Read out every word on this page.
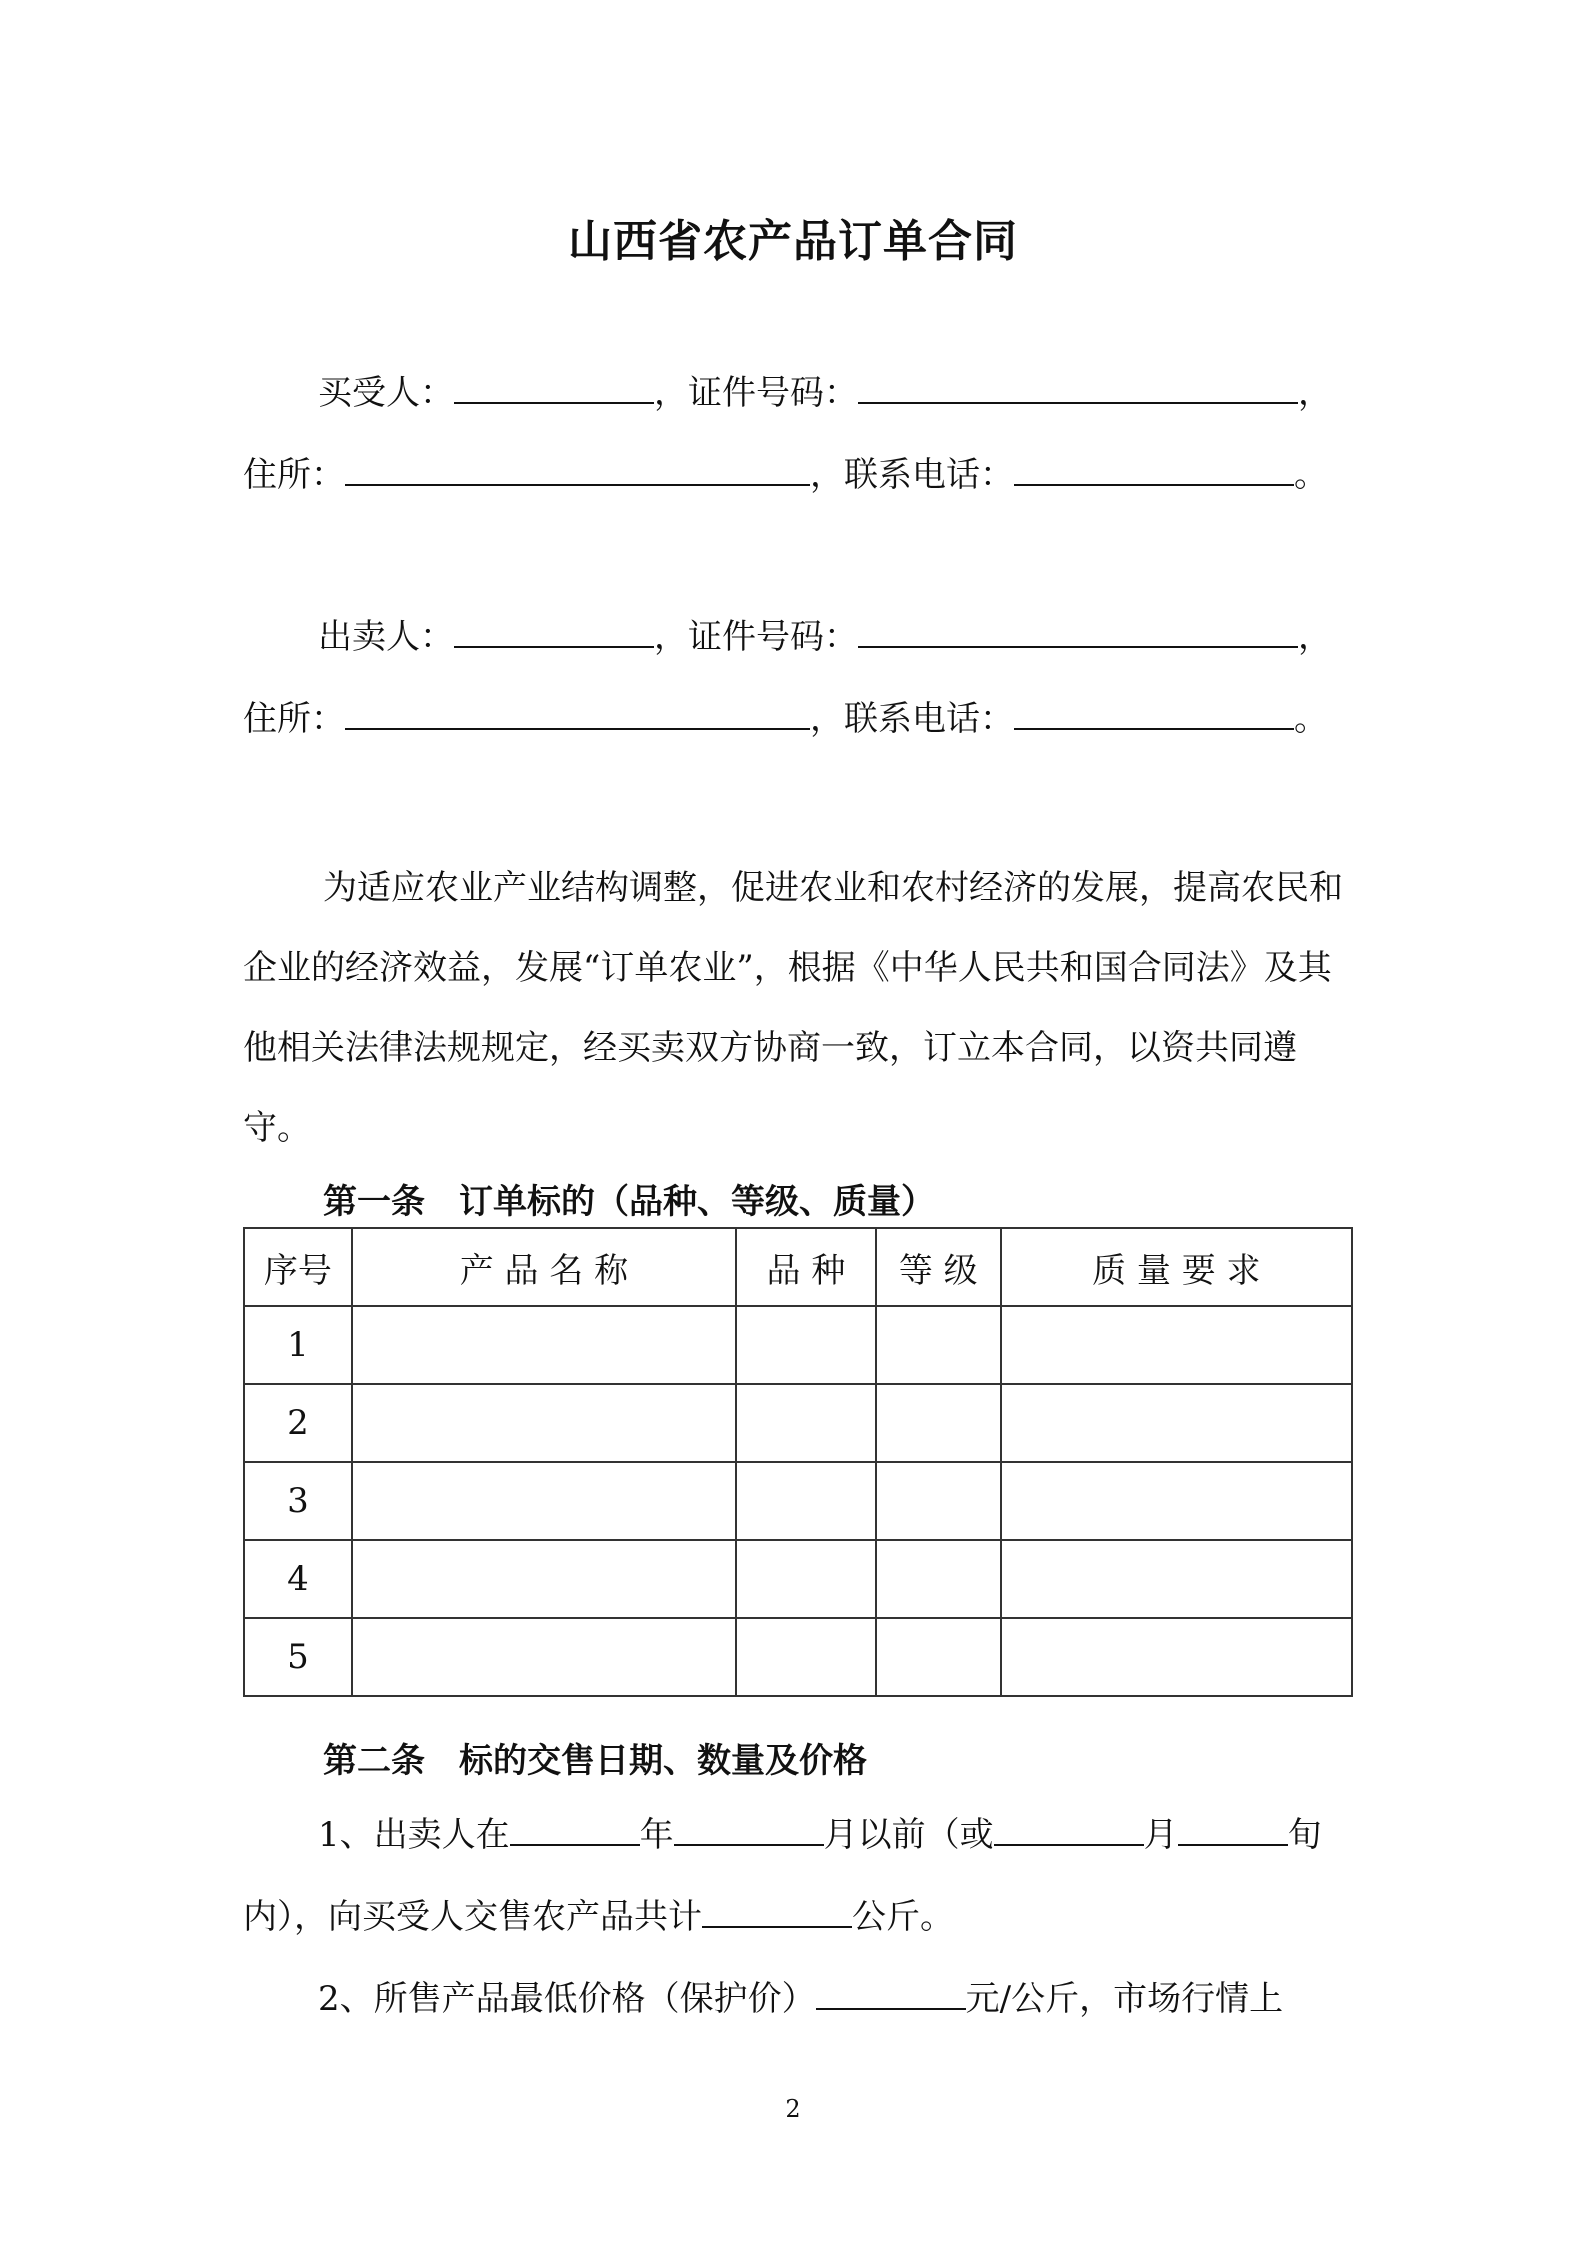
山西省农产品订单合同
买受人：	，证件号码：	，
住所：	，联系电话：	。
出卖人：	，证件号码：	，
住所：	，联系电话：	。
为适应农业产业结构调整，促进农业和农村经济的发展，提高农民和企业的经济效益，发展“订单农业”，根据《中华人民共和国合同法》及其他相关法律法规规定，经买卖双方协商一致，订立本合同，以资共同遵守。
第一条　订单标的（品种、等级、质量）
序号	产 品 名 称	品 种	等 级	质 量 要 求
1				
2				
3				
4				
5				
第二条　标的交售日期、数量及价格
1、出卖人在	年	月以前（或	月	旬
内），向买受人交售农产品共计	公斤。
2、所售产品最低价格（保护价）	元/公斤，市场行情上
2
